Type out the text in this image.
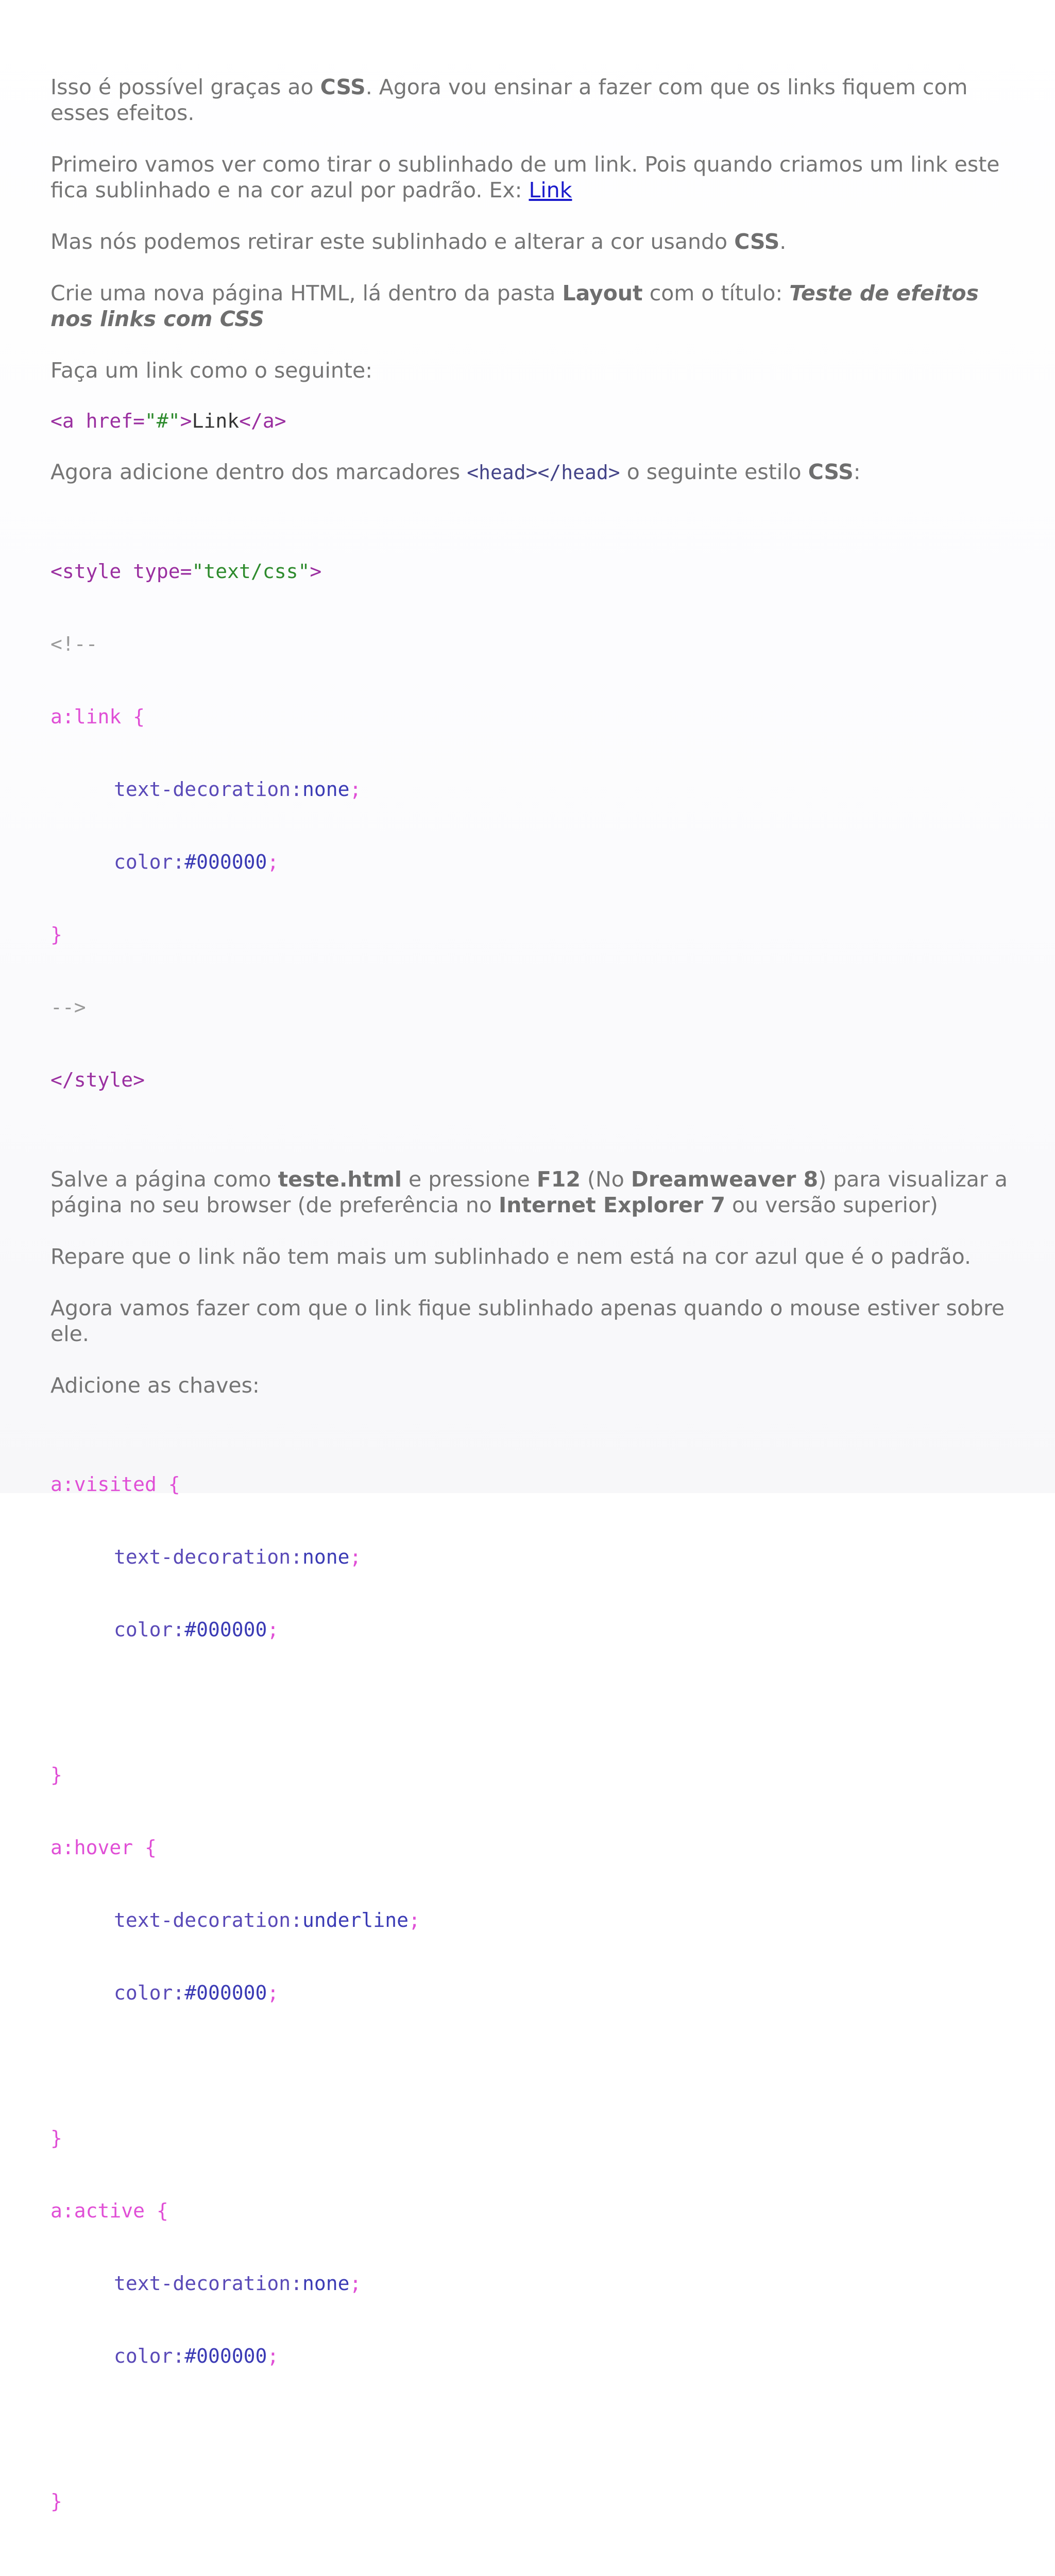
Isso é possível graças ao CSS. Agora vou ensinar a fazer com que os links fiquem com esses efeitos.

Primeiro vamos ver como tirar o sublinhado de um link. Pois quando criamos um link este fica sublinhado e na cor azul por padrão. Ex: Link

Mas nós podemos retirar este sublinhado e alterar a cor usando CSS.

Crie uma nova página HTML, lá dentro da pasta Layout com o título: Teste de efeitos nos links com CSS

Faça um link como o seguinte:

<a href="#">Link</a>

Agora adicione dentro dos marcadores <head></head> o seguinte estilo CSS:

<style type="text/css">

<!--

a:link {

text-decoration:none;

color:#000000;

}

-->

</style>

Salve a página como teste.html e pressione F12 (No Dreamweaver 8) para visualizar a página no seu browser (de preferência no Internet Explorer 7 ou versão superior)

Repare que o link não tem mais um sublinhado e nem está na cor azul que é o padrão.

Agora vamos fazer com que o link fique sublinhado apenas quando o mouse estiver sobre ele.

Adicione as chaves:

a:visited {

text-decoration:none;

color:#000000;

}

a:hover {

text-decoration:underline;

color:#000000;

}

a:active {

text-decoration:none;

color:#000000;

}
